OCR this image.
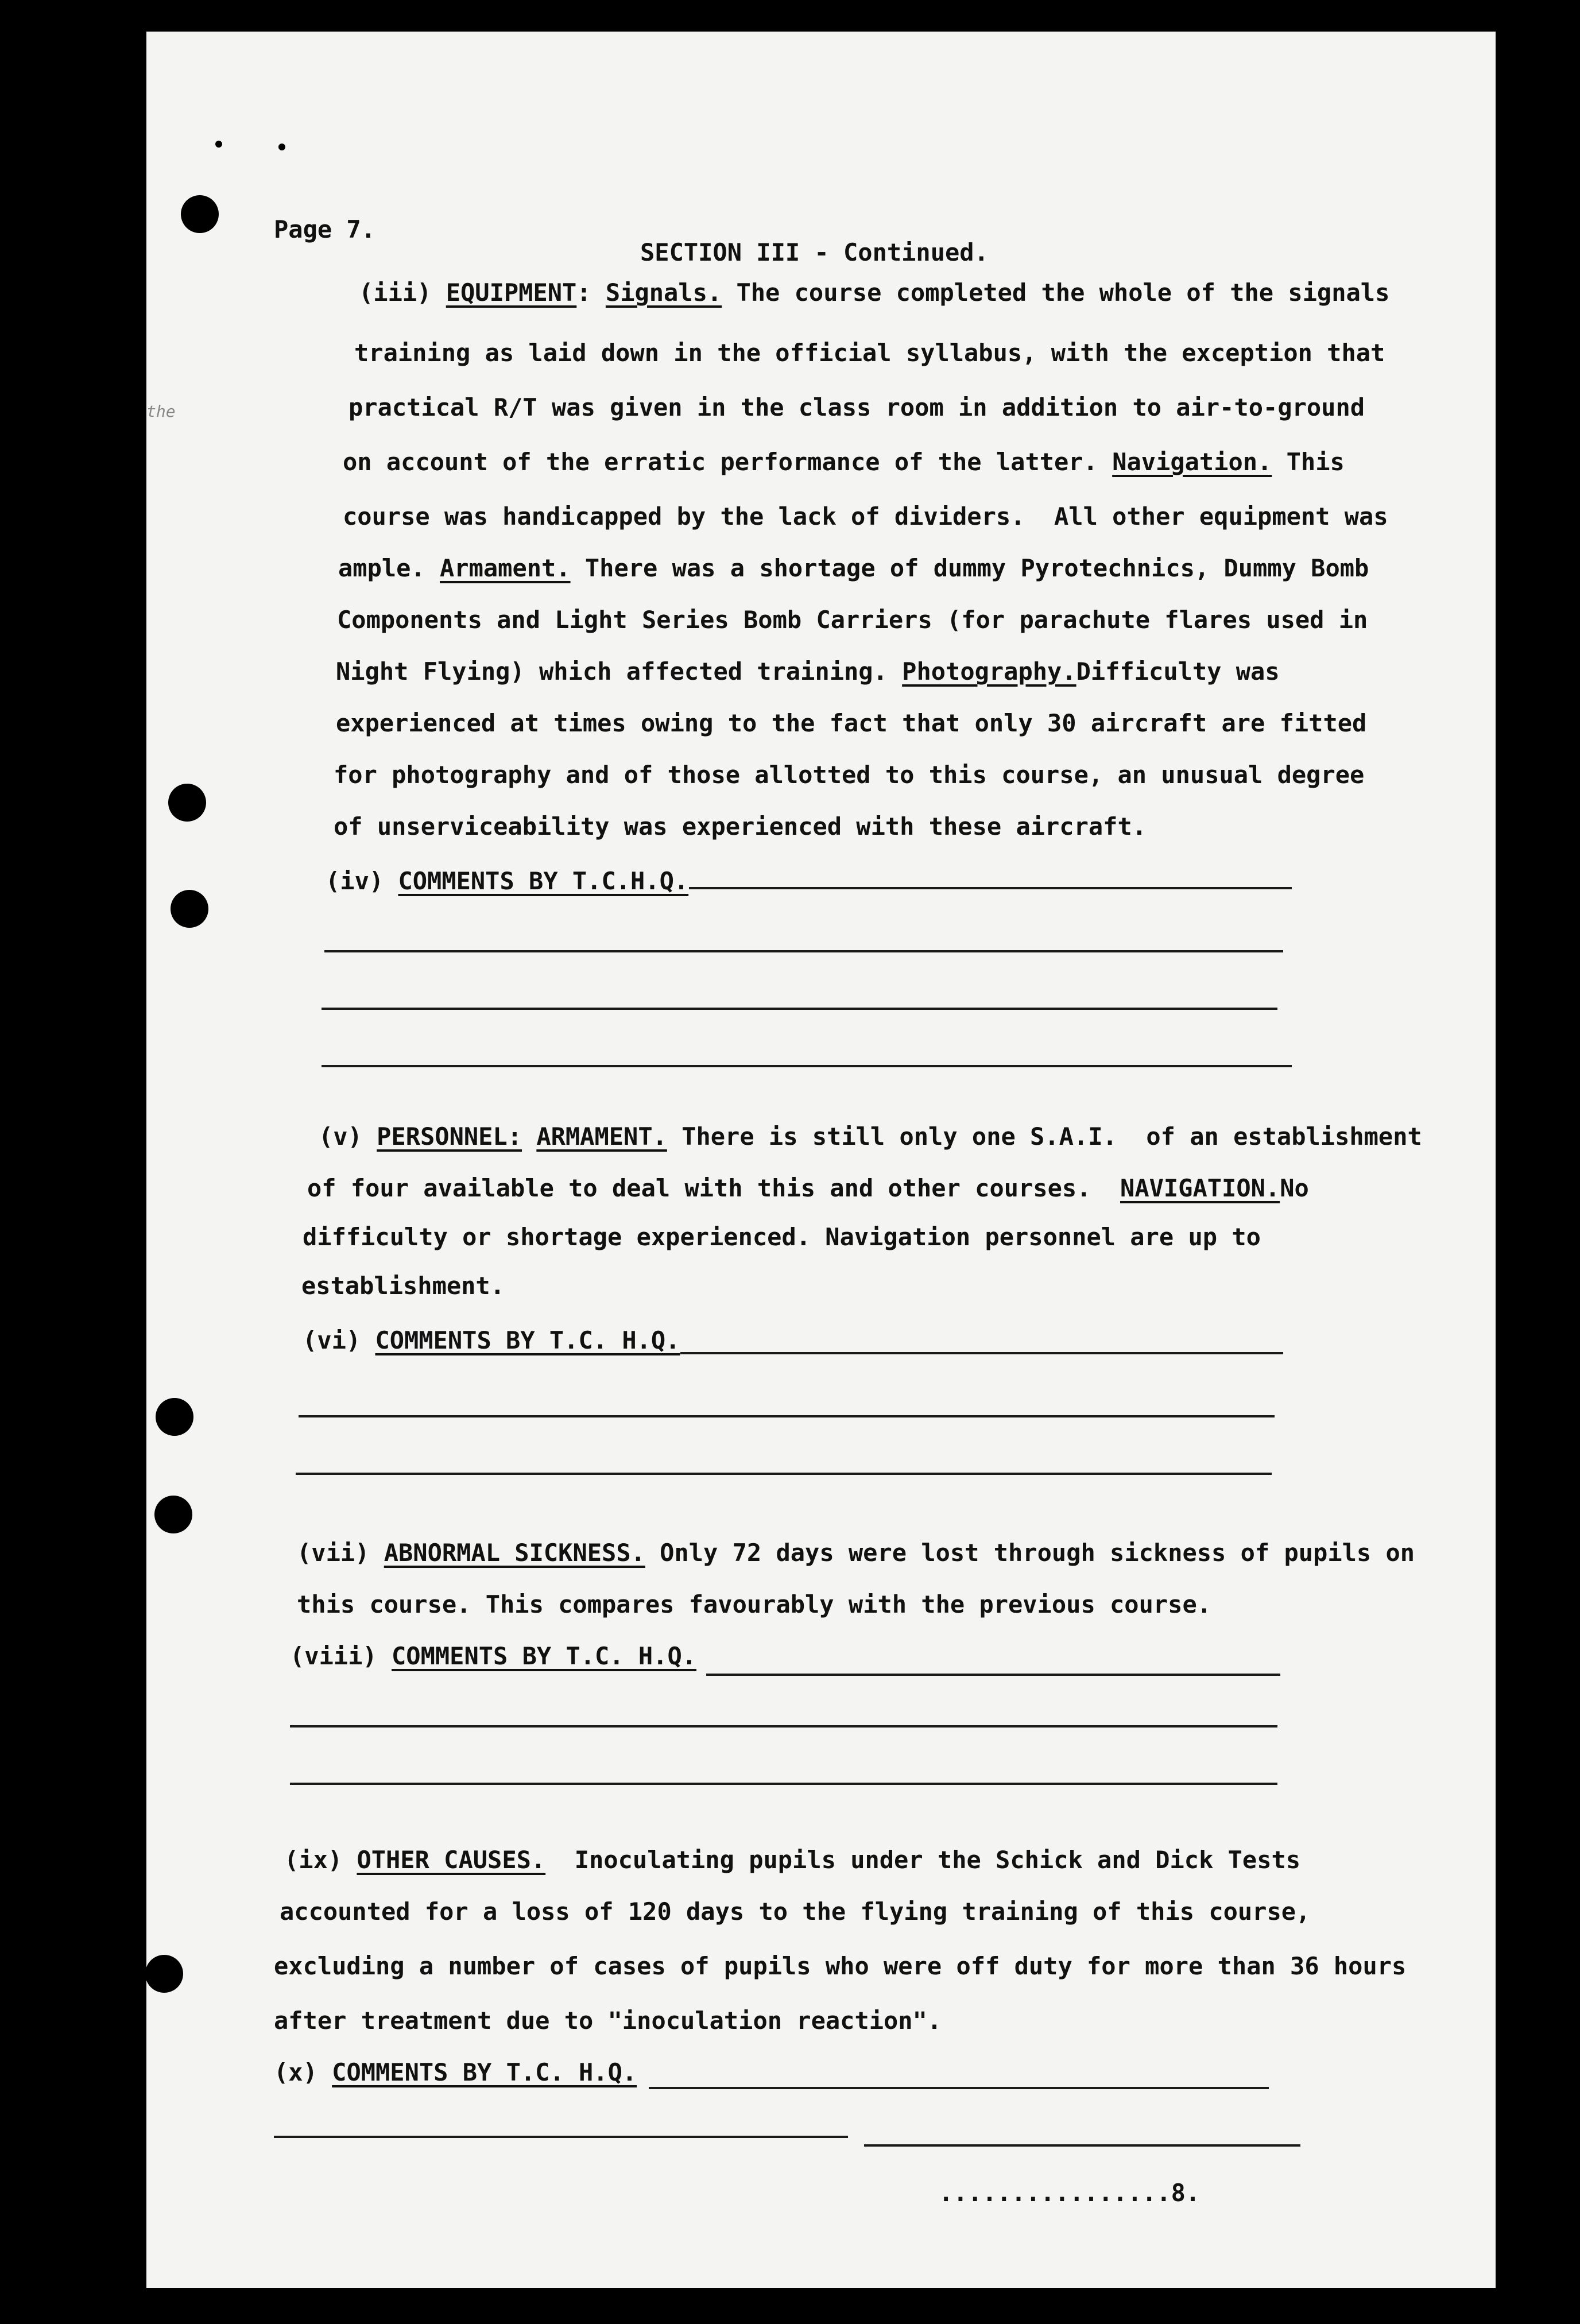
the
Page 7.
SECTION III - Continued.
(iii) EQUIPMENT: Signals. The course completed the whole of the signals
training as laid down in the official syllabus, with the exception that
practical R/T was given in the class room in addition to air-to-ground
on account of the erratic performance of the latter. Navigation. This
course was handicapped by the lack of dividers.  All other equipment was
ample. Armament. There was a shortage of dummy Pyrotechnics, Dummy Bomb
Components and Light Series Bomb Carriers (for parachute flares used in
Night Flying) which affected training. Photography.Difficulty was
experienced at times owing to the fact that only 30 aircraft are fitted
for photography and of those allotted to this course, an unusual degree
of unserviceability was experienced with these aircraft.
(iv) COMMENTS BY T.C.H.Q.
(v) PERSONNEL: ARMAMENT. There is still only one S.A.I.  of an establishment
of four available to deal with this and other courses.  NAVIGATION.No
difficulty or shortage experienced. Navigation personnel are up to
establishment.
(vi) COMMENTS BY T.C. H.Q.
(vii) ABNORMAL SICKNESS. Only 72 days were lost through sickness of pupils on
this course. This compares favourably with the previous course.
(viii) COMMENTS BY T.C. H.Q.
(ix) OTHER CAUSES.  Inoculating pupils under the Schick and Dick Tests
accounted for a loss of 120 days to the flying training of this course,
excluding a number of cases of pupils who were off duty for more than 36 hours
after treatment due to "inoculation reaction".
(x) COMMENTS BY T.C. H.Q.
................8.
